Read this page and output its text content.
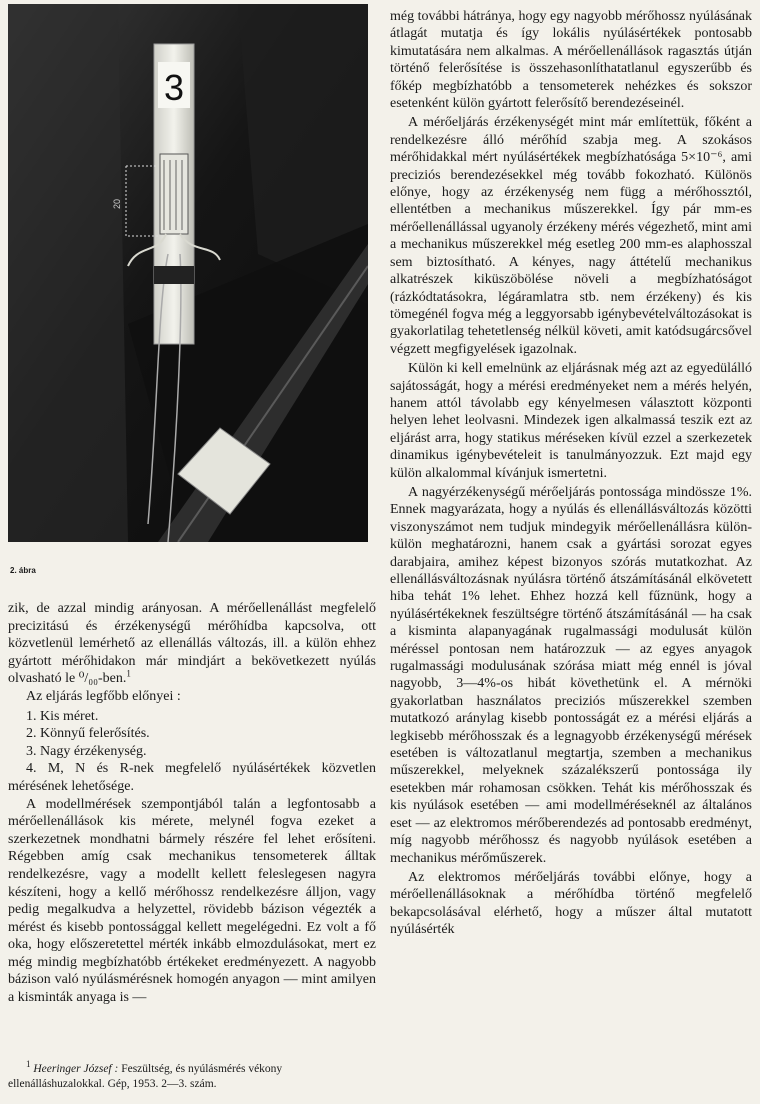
3
20
2. ábra

zik, de azzal mindig arányosan. A mérőellenállást megfelelő precizitású és érzékenységű mérőhídba kapcsolva, ott közvetlenül lemérhető az ellenállás változás, ill. a külön ehhez gyártott mérőhidakon már mindjárt a bekövetkezett nyúlás olvasható le ⁰/₀₀-ben.$^1$

Az eljárás legfőbb előnyei :

1. Kis méret.
2. Könnyű felerősítés.
3. Nagy érzékenység.

4. M, N és R-nek megfelelő nyúlásértékek közvetlen mérésének lehetősége.

A modellmérések szempontjából talán a legfontosabb a mérőellenállások kis mérete, melynél fogva ezeket a szerkezetnek mondhatni bármely részére fel lehet erősíteni. Régebben amíg csak mechanikus tensometerek álltak rendelkezésre, vagy a modellt kellett feleslegesen nagyra készíteni, hogy a kellő mérőhossz rendelkezésre álljon, vagy pedig megalkudva a helyzettel, rövidebb bázison végezték a mérést és kisebb pontossággal kellett megelégedni. Ez volt a fő oka, hogy előszeretettel mérték inkább elmozdulásokat, mert ez még mindig megbízhatóbb értékeket eredményezett. A nagyobb bázison való nyúlásmérésnek homogén anyagon — mint amilyen a kisminták anyaga is —

$^1$ Heeringer József : Feszültség, és nyúlásmérés vékony ellenálláshuzalokkal. Gép, 1953. 2—3. szám.

még további hátránya, hogy egy nagyobb mérőhossz nyúlásának átlagát mutatja és így lokális nyúlásértékek pontosabb kimutatására nem alkalmas. A mérőellenállások ragasztás útján történő felerősítése is összehasonlíthatatlanul egyszerűbb és főkép megbízhatóbb a tensometerek nehézkes és sokszor esetenként külön gyártott felerősítő berendezéseinél.

A mérőeljárás érzékenységét mint már említettük, főként a rendelkezésre álló mérőhíd szabja meg. A szokásos mérőhidakkal mért nyúlásértékek megbízhatósága 5×10⁻⁶, ami preciziós berendezésekkel még tovább fokozható. Különös előnye, hogy az érzékenység nem függ a mérőhossztól, ellentétben a mechanikus műszerekkel. Így pár mm-es mérőellenállással ugyanoly érzékeny mérés végezhető, mint ami a mechanikus műszerekkel még esetleg 200 mm-es alaphosszal sem biztosítható. A kényes, nagy áttételű mechanikus alkatrészek kiküszöbölése növeli a megbízhatóságot (rázkódtatásokra, légáramlatra stb. nem érzékeny) és kis tömegénél fogva még a leggyorsabb igénybevételváltozásokat is gyakorlatilag tehetetlenség nélkül követi, amit katódsugárcsővel végzett megfigyelések igazolnak.

Külön ki kell emelnünk az eljárásnak még azt az egyedülálló sajátosságát, hogy a mérési eredményeket nem a mérés helyén, hanem attól távolabb egy kényelmesen választott központi helyen lehet leolvasni. Mindezek igen alkalmassá teszik ezt az eljárást arra, hogy statikus méréseken kívül ezzel a szerkezetek dinamikus igénybevételeit is tanulmányozzuk. Ezt majd egy külön alkalommal kívánjuk ismertetni.

A nagyérzékenységű mérőeljárás pontossága mindössze 1%. Ennek magyarázata, hogy a nyúlás és ellenállásváltozás közötti viszonyszámot nem tudjuk mindegyik mérőellenállásra külön-külön meghatározni, hanem csak a gyártási sorozat egyes darabjaira, amihez képest bizonyos szórás mutatkozhat. Az ellenállásváltozásnak nyúlásra történő átszámításánál elkövetett hiba tehát 1% lehet. Ehhez hozzá kell fűznünk, hogy a nyúlásértékeknek feszültségre történő átszámításánál — ha csak a kisminta alapanyagának rugalmassági modulusát külön méréssel pontosan nem határozzuk — az egyes anyagok rugalmassági modulusának szórása miatt még ennél is jóval nagyobb, 3—4%-os hibát követhetünk el. A mérnöki gyakorlatban használatos preciziós műszerekkel szemben mutatkozó aránylag kisebb pontosságát ez a mérési eljárás a legkisebb mérőhosszak és a legnagyobb érzékenységű mérések esetében is változatlanul megtartja, szemben a mechanikus műszerekkel, melyeknek százalékszerű pontossága ily esetekben már rohamosan csökken. Tehát kis mérőhosszak és kis nyúlások esetében — ami modellméréseknél az általános eset — az elektromos mérőberendezés ad pontosabb eredményt, míg nagyobb mérőhossz és nagyobb nyúlások esetében a mechanikus mérőműszerek.

Az elektromos mérőeljárás további előnye, hogy a mérőellenállásoknak a mérőhídba történő megfelelő bekapcsolásával elérhető, hogy a műszer által mutatott nyúlásérték
